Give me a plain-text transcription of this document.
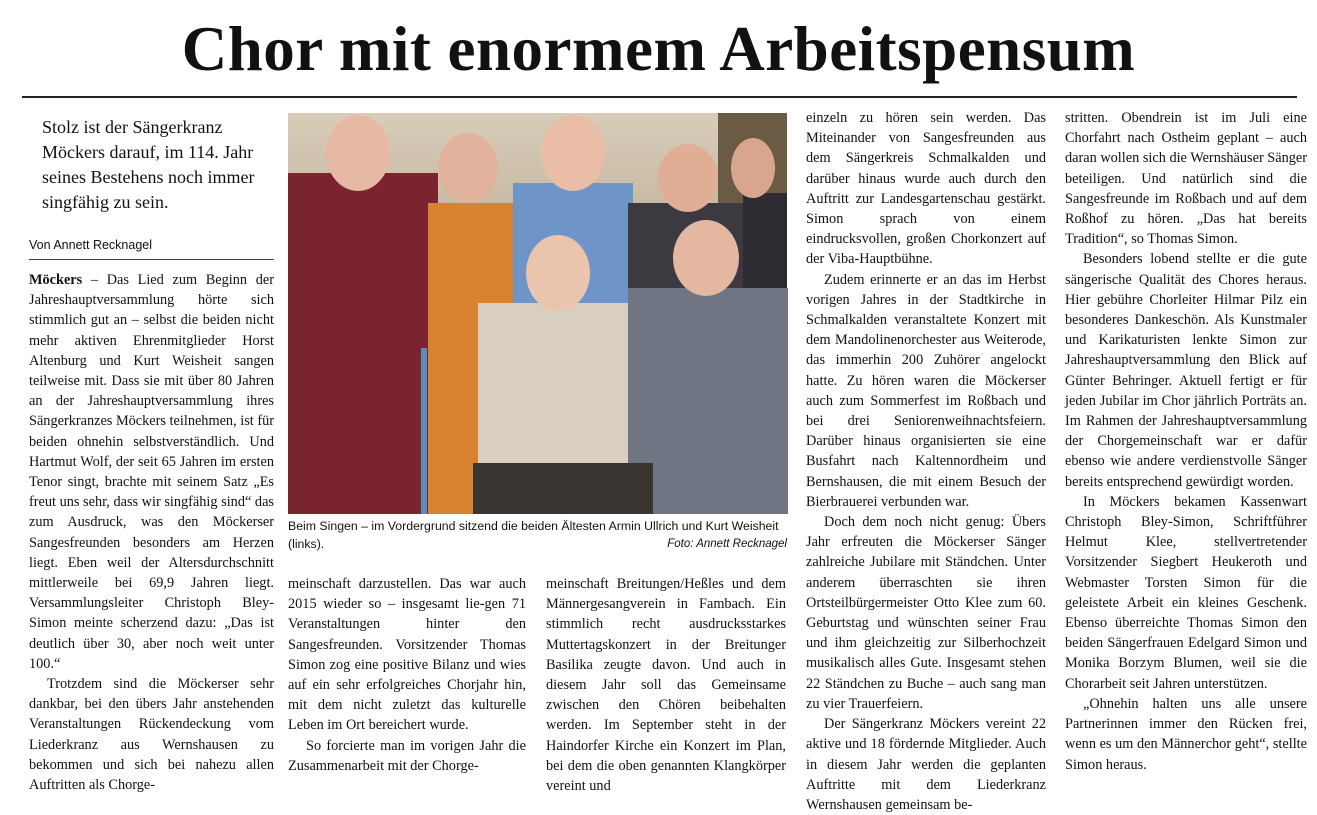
Chor mit enormem Arbeitspensum
Stolz ist der Sängerkranz Möckers darauf, im 114. Jahr seines Bestehens noch immer singfähig zu sein.
Von Annett Recknagel

Möckers – Das Lied zum Beginn der Jahreshauptversammlung hörte sich stimmlich gut an – selbst die beiden nicht mehr aktiven Ehrenmitglieder Horst Altenburg und Kurt Weisheit sangen teilweise mit. Dass sie mit über 80 Jahren an der Jahreshauptversammlung ihres Sängerkranzes Möckers teilnehmen, ist für beiden ohnehin selbstverständlich. Und Hartmut Wolf, der seit 65 Jahren im ersten Tenor singt, brachte mit seinem Satz „Es freut uns sehr, dass wir singfähig sind“ das zum Ausdruck, was den Möckerser Sangesfreunden besonders am Herzen liegt. Eben weil der Altersdurchschnitt mittlerweile bei 69,9 Jahren liegt. Versammlungsleiter Christoph Bley-Simon meinte scherzend dazu: „Das ist deutlich über 30, aber noch weit unter 100.“

Trotzdem sind die Möckerser sehr dankbar, bei den übers Jahr anstehenden Veranstaltungen Rückendeckung vom Liederkranz aus Wernshausen zu bekommen und sich bei nahezu allen Auftritten als Chorge-

Beim Singen – im Vordergrund sitzend die beiden Ältesten Armin Ullrich und Kurt Weisheit (links).	Foto: Annett Recknagel

meinschaft darzustellen. Das war auch 2015 wieder so – insgesamt lie-gen 71 Veranstaltungen hinter den Sangesfreunden. Vorsitzender Thomas Simon zog eine positive Bilanz und wies auf ein sehr erfolgreiches Chorjahr hin, mit dem nicht zuletzt das kulturelle Leben im Ort bereichert wurde.

So forcierte man im vorigen Jahr die Zusammenarbeit mit der Chorge-

meinschaft Breitungen/Heßles und dem Männergesangverein in Fambach. Ein stimmlich recht ausdrucksstarkes Muttertagskonzert in der Breitunger Basilika zeugte davon. Und auch in diesem Jahr soll das Gemeinsame zwischen den Chören beibehalten werden. Im September steht in der Haindorfer Kirche ein Konzert im Plan, bei dem die oben genannten Klangkörper vereint und

einzeln zu hören sein werden. Das Miteinander von Sangesfreunden aus dem Sängerkreis Schmalkalden und darüber hinaus wurde auch durch den Auftritt zur Landesgartenschau gestärkt. Simon sprach von einem eindrucksvollen, großen Chorkonzert auf der Viba-Hauptbühne.

Zudem erinnerte er an das im Herbst vorigen Jahres in der Stadtkirche in Schmalkalden veranstaltete Konzert mit dem Mandolinenorchester aus Weiterode, das immerhin 200 Zuhörer angelockt hatte. Zu hören waren die Möckerser auch zum Sommerfest im Roßbach und bei drei Seniorenweihnachtsfeiern. Darüber hinaus organisierten sie eine Busfahrt nach Kaltennordheim und Bernshausen, die mit einem Besuch der Bierbrauerei verbunden war.

Doch dem noch nicht genug: Übers Jahr erfreuten die Möckerser Sänger zahlreiche Jubilare mit Ständchen. Unter anderem überraschten sie ihren Ortsteilbürgermeister Otto Klee zum 60. Geburtstag und wünschten seiner Frau und ihm gleichzeitig zur Silberhochzeit musikalisch alles Gute. Insgesamt stehen 22 Ständchen zu Buche – auch sang man zu vier Trauerfeiern.

Der Sängerkranz Möckers vereint 22 aktive und 18 fördernde Mitglieder. Auch in diesem Jahr werden die geplanten Auftritte mit dem Liederkranz Wernshausen gemeinsam be-

stritten. Obendrein ist im Juli eine Chorfahrt nach Ostheim geplant – auch daran wollen sich die Wernshäuser Sänger beteiligen. Und natürlich sind die Sangesfreunde im Roßbach und auf dem Roßhof zu hören. „Das hat bereits Tradition“, so Thomas Simon.

Besonders lobend stellte er die gute sängerische Qualität des Chores heraus. Hier gebühre Chorleiter Hilmar Pilz ein besonderes Dankeschön. Als Kunstmaler und Karikaturisten lenkte Simon zur Jahreshauptversammlung den Blick auf Günter Behringer. Aktuell fertigt er für jeden Jubilar im Chor jährlich Porträts an. Im Rahmen der Jahreshauptversammlung der Chorgemeinschaft war er dafür ebenso wie andere verdienstvolle Sänger bereits entsprechend gewürdigt worden.

In Möckers bekamen Kassenwart Christoph Bley-Simon, Schriftführer Helmut Klee, stellvertretender Vorsitzender Siegbert Heukeroth und Webmaster Torsten Simon für die geleistete Arbeit ein kleines Geschenk. Ebenso überreichte Thomas Simon den beiden Sängerfrauen Edelgard Simon und Monika Borzym Blumen, weil sie die Chorarbeit seit Jahren unterstützen.

„Ohnehin halten uns alle unsere Partnerinnen immer den Rücken frei, wenn es um den Männerchor geht“, stellte Simon heraus.
